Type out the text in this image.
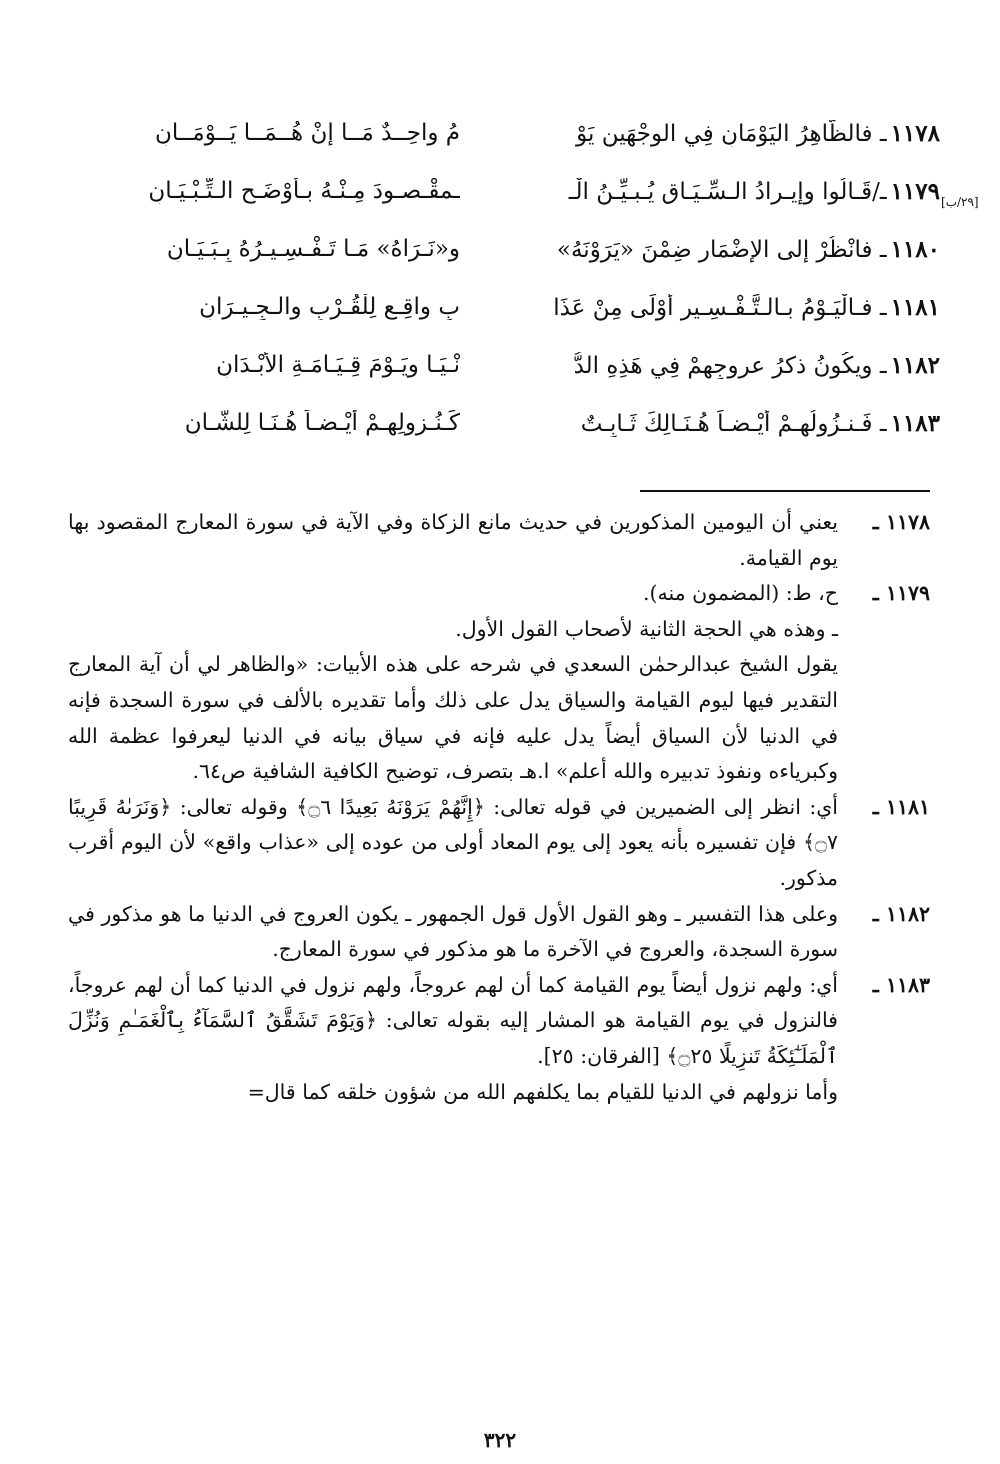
[٢٩/ب]
١١٧٨ـ فالظَّاهِرُ اليَوْمَانِ فِي الوجْهَينِ يَوْ
مُ واحِــدٌ مَــا إنْ هُــمَــا يَــوْمَــانِ
١١٧٩ـ/قَـالُوا وإيـرادُ الـسِّـيَـاقِ يُـبـيِّـنُ الْـ
ـمقْـصـودَ مِـنْـهُ بـأوْضَـحِ الـتِّـبْـيَـانِ
١١٨٠ـ فانْظُرْ إلى الإضْمَارِ ضِمْنَ «يَرَوْنَهُ»
و«نَـرَاهُ» مَـا تَـفْـسِـيـرُهُ بِـبَـيَـانِ
١١٨١ـ فـالْيَـوْمُ بـالـتَّـفْـسِـيرِ أوْلَى مِنْ عَذَا
بٍ واقِـعٍ لِلْقُـرْبِ والـجِـيـرَانِ
١١٨٢ـ ويكُونُ ذكرُ عروجِهِمْ فِي هَذِهِ الدُّ
نْـيَـا ويَـوْمَ قِـيَـامَـةِ الأبْـدَانِ
١١٨٣ـ فَـنـزُولُهـمْ أيْـضـاً هُـنَـالِكَ ثَـابِـتٌ
كَـنُـزولِهِـمْ أيْـضـاً هُـنَـا لِلشَّـانِ
١١٧٨ ـ
يعني أن اليومين المذكورين في حديث مانع الزكاة وفي الآية في سورة المعارج المقصود بها يوم القيامة.
١١٧٩ ـ
ح، ط: (المضمون منه).
ـ وهذه هي الحجة الثانية لأصحاب القول الأول.
يقول الشيخ عبدالرحمٰن السعدي في شرحه على هذه الأبيات: «والظاهر لي أن آية المعارج التقدير فيها ليوم القيامة والسياق يدل على ذلك وأما تقديره بالألف في سورة السجدة فإنه في الدنيا لأن السياق أيضاً يدل عليه فإنه في سياق بيانه في الدنيا ليعرفوا عظمة الله وكبرياءه ونفوذ تدبيره والله أعلم» ا.هـ بتصرف، توضيح الكافية الشافية ص٦٤.
١١٨١ ـ
أي: انظر إلى الضميرين في قوله تعالى: ﴿إِنَّهُمْ يَرَوْنَهُ بَعِيدًا ۝٦﴾ وقوله تعالى: ﴿وَنَرَىٰهُ قَرِيبًا ۝٧﴾ فإن تفسيره بأنه يعود إلى يوم المعاد أولى من عوده إلى «عذاب واقع» لأن اليوم أقرب مذكور.
١١٨٢ ـ
وعلى هذا التفسير ـ وهو القول الأول قول الجمهور ـ يكون العروج في الدنيا ما هو مذكور في سورة السجدة، والعروج في الآخرة ما هو مذكور في سورة المعارج.
١١٨٣ ـ
أي: ولهم نزول أيضاً يوم القيامة كما أن لهم عروجاً، ولهم نزول في الدنيا كما أن لهم عروجاً، فالنزول في يوم القيامة هو المشار إليه بقوله تعالى: ﴿وَيَوْمَ تَشَقَّقُ ٱلسَّمَآءُ بِٱلْغَمَـٰمِ وَنُزِّلَ ٱلْمَلَـٰٓئِكَةُ تَنزِيلًا ۝٢٥﴾ [الفرقان: ٢٥].
وأما نزولهم في الدنيا للقيام بما يكلفهم الله من شؤون خلقه كما قال=
٣٢٢
